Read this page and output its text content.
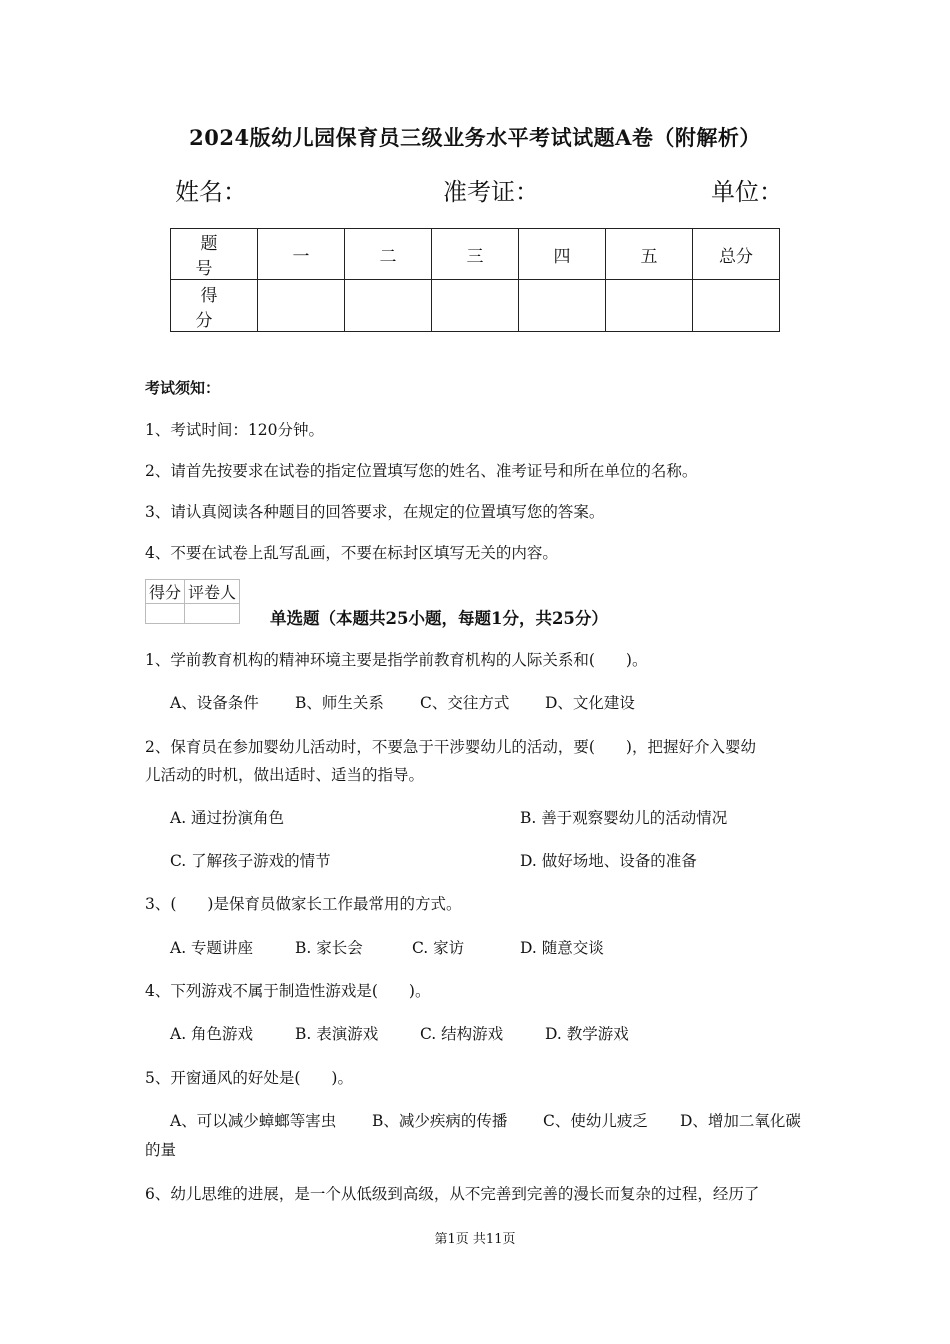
2024版幼儿园保育员三级业务水平考试试题A卷（附解析）
姓名：	准考证：	单位：
题　号	一	二	三	四	五	总分
得　分						
考试须知：
1、考试时间：120分钟。
2、请首先按要求在试卷的指定位置填写您的姓名、准考证号和所在单位的名称。
3、请认真阅读各种题目的回答要求，在规定的位置填写您的答案。
4、不要在试卷上乱写乱画，不要在标封区填写无关的内容。
得分	评卷人

单选题（本题共25小题，每题1分，共25分）
1、学前教育机构的精神环境主要是指学前教育机构的人际关系和(　　)。
A、设备条件 B、师生关系 C、交往方式 D、文化建设
2、保育员在参加婴幼儿活动时，不要急于干涉婴幼儿的活动，要(　　)，把握好介入婴幼
儿活动的时机，做出适时、适当的指导。
A. 通过扮演角色	B. 善于观察婴幼儿的活动情况
C. 了解孩子游戏的情节	D. 做好场地、设备的准备
3、(　　)是保育员做家长工作最常用的方式。
A. 专题讲座	B. 家长会	C. 家访	D. 随意交谈
4、下列游戏不属于制造性游戏是(　　)。
A. 角色游戏	B. 表演游戏	C. 结构游戏	D. 教学游戏
5、开窗通风的好处是(　　)。
A、可以减少蟑螂等害虫 B、减少疾病的传播 C、使幼儿疲乏 D、增加二氧化碳
的量
6、幼儿思维的进展，是一个从低级到高级，从不完善到完善的漫长而复杂的过程，经历了
第1页 共11页
